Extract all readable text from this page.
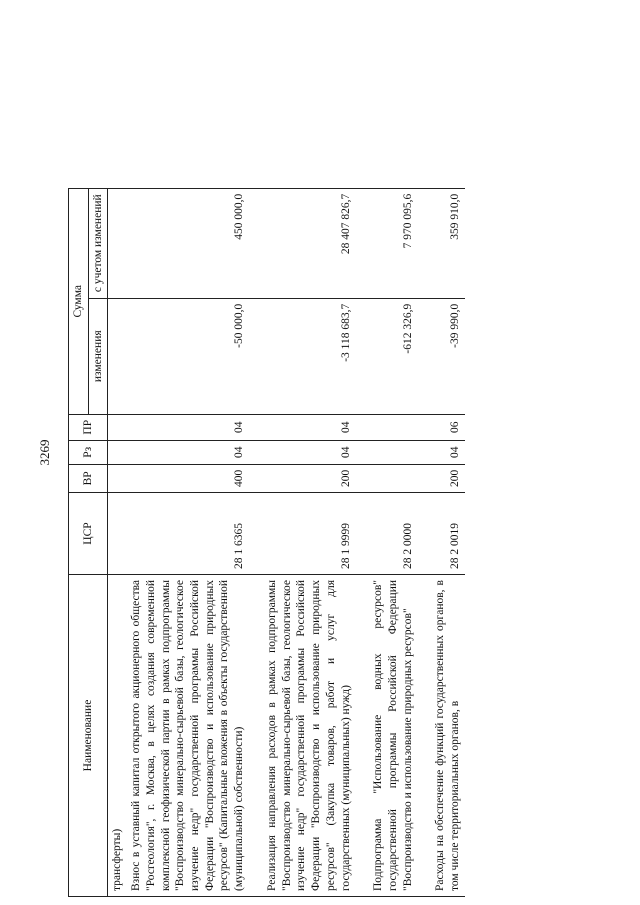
3269
Наименование	ЦСР	ВР	Рз	ПР	Сумма	
					изменения	с учетом изменений
трансферты)						
Взнос в уставный капитал открытого акционерного общества "Росгеология", г. Москва, в целях создания современной комплексной геофизической партии в рамках подпрограммы "Воспроизводство минерально-сырьевой базы, геологическое изучение недр" государственной программы Российской Федерации "Воспроизводство и использование природных ресурсов" (Капитальные вложения в объекты государственной (муниципальной) собственности)	28 1 6365	400	04	04	-50 000,0	450 000,0

Реализация направления расходов в рамках подпрограммы "Воспроизводство минерально-сырьевой базы, геологическое изучение недр" государственной программы Российской Федерации "Воспроизводство и использование природных ресурсов" (Закупка товаров, работ и услуг для государственных (муниципальных) нужд)	28 1 9999	200	04	04	-3 118 683,7	28 407 826,7

Подпрограмма "Использование водных ресурсов" государственной программы Российской Федерации "Воспроизводство и использование природных ресурсов"	28 2 0000				-612 326,9	7 970 095,6

Расходы на обеспечение функций государственных органов, в том числе территориальных органов, в	28 2 0019	200	04	06	-39 990,0	359 910,0
